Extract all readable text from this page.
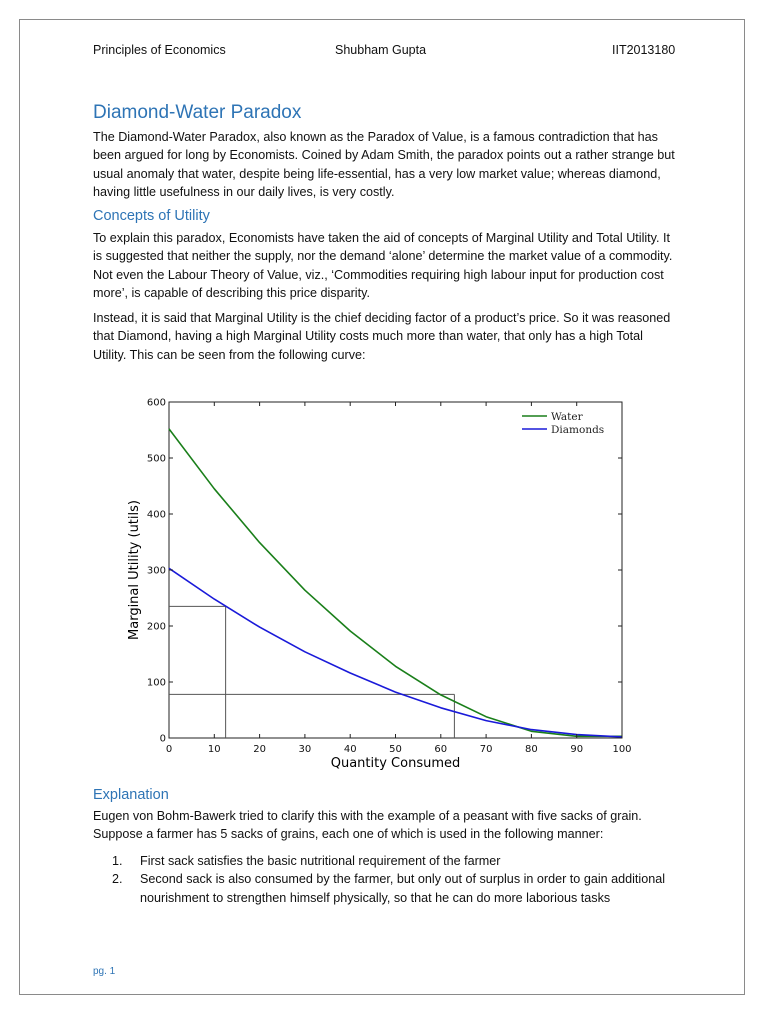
Principles of Economics	Shubham Gupta	IIT2013180
Diamond-Water Paradox

The Diamond-Water Paradox, also known as the Paradox of Value, is a famous contradiction that has been argued for long by Economists. Coined by Adam Smith, the paradox points out a rather strange but usual anomaly that water, despite being life-essential, has a very low market value; whereas diamond, having little usefulness in our daily lives, is very costly.

Concepts of Utility

To explain this paradox, Economists have taken the aid of concepts of Marginal Utility and Total Utility. It is suggested that neither the supply, nor the demand ‘alone’ determine the market value of a commodity. Not even the Labour Theory of Value, viz., ‘Commodities requiring high labour input for production cost more’, is capable of describing this price disparity.

Instead, it is said that Marginal Utility is the chief deciding factor of a product’s price. So it was reasoned that Diamond, having a high Marginal Utility costs much more than water, that only has a high Total Utility. This can be seen from the following curve:

0	10	20	30	40	50	60	70	80	90	100
0
100
200
300
400
500
600
Quantity Consumed
Marginal Utility (utils)
Water
Diamonds
Explanation

Eugen von Bohm-Bawerk tried to clarify this with the example of a peasant with five sacks of grain. Suppose a farmer has 5 sacks of grains, each one of which is used in the following manner:

1. First sack satisfies the basic nutritional requirement of the farmer
2. Second sack is also consumed by the farmer, but only out of surplus in order to gain additional nourishment to strengthen himself physically, so that he can do more laborious tasks
pg. 1
